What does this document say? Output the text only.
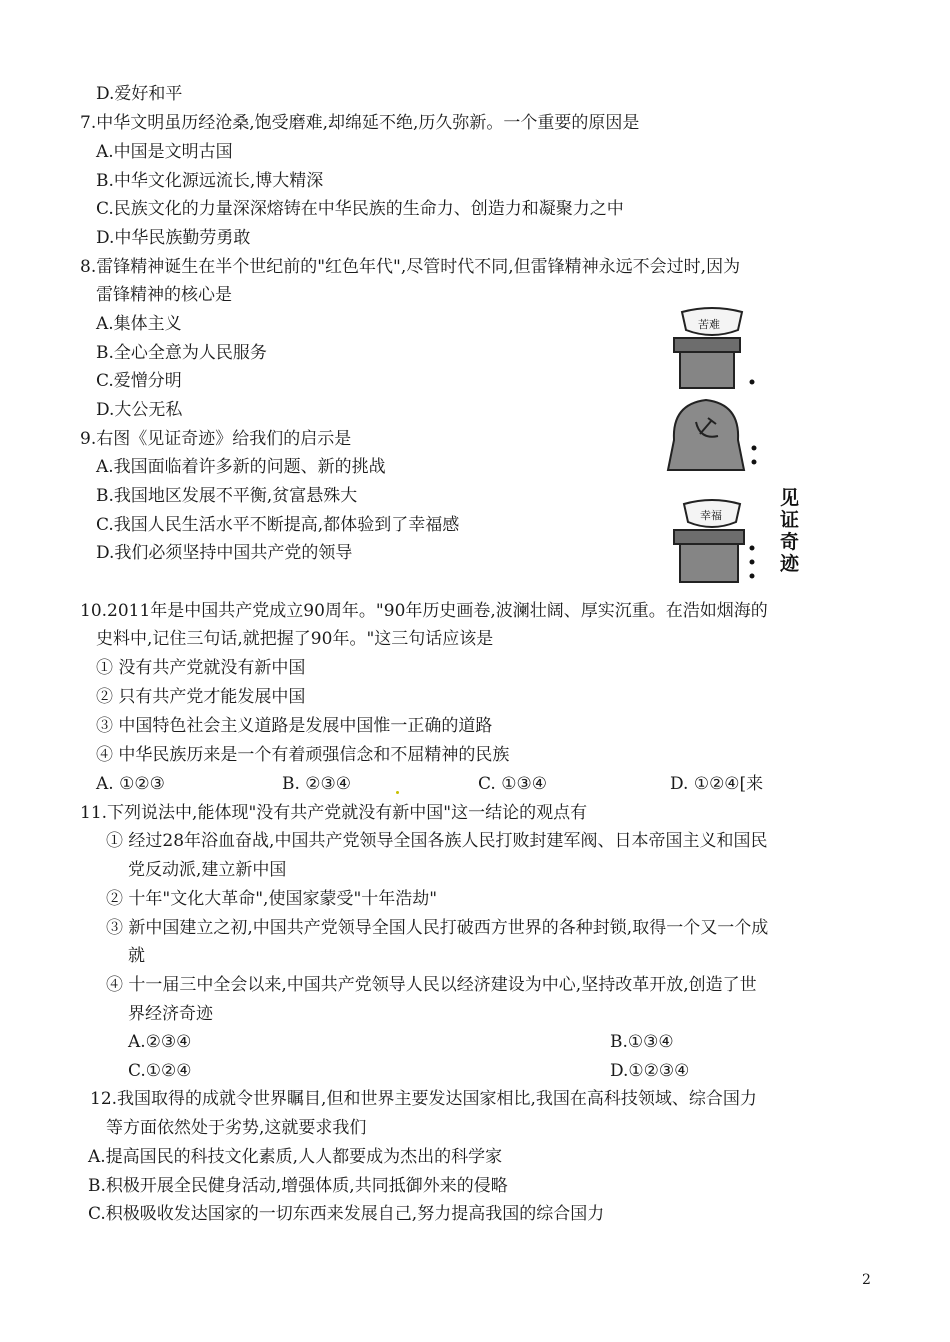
D.爱好和平
7.中华文明虽历经沧桑,饱受磨难,却绵延不绝,历久弥新。一个重要的原因是
A.中国是文明古国
B.中华文化源远流长,博大精深
C.民族文化的力量深深熔铸在中华民族的生命力、创造力和凝聚力之中
D.中华民族勤劳勇敢
8.雷锋精神诞生在半个世纪前的"红色年代",尽管时代不同,但雷锋精神永远不会过时,因为
雷锋精神的核心是
A.集体主义
B.全心全意为人民服务
C.爱憎分明
D.大公无私
9.右图《见证奇迹》给我们的启示是
A.我国面临着许多新的问题、新的挑战
B.我国地区发展不平衡,贫富悬殊大
C.我国人民生活水平不断提高,都体验到了幸福感
D.我们必须坚持中国共产党的领导
苦难
幸福
见
证
奇
迹
10.2011年是中国共产党成立90周年。"90年历史画卷,波澜壮阔、厚实沉重。在浩如烟海的
史料中,记住三句话,就把握了90年。"这三句话应该是
① 没有共产党就没有新中国
② 只有共产党才能发展中国
③ 中国特色社会主义道路是发展中国惟一正确的道路
④ 中华民族历来是一个有着顽强信念和不屈精神的民族
A. ①②③	B. ②③④	C. ①③④	D. ①②④[来
11.下列说法中,能体现"没有共产党就没有新中国"这一结论的观点有
① 经过28年浴血奋战,中国共产党领导全国各族人民打败封建军阀、日本帝国主义和国民
党反动派,建立新中国
② 十年"文化大革命",使国家蒙受"十年浩劫"
③ 新中国建立之初,中国共产党领导全国人民打破西方世界的各种封锁,取得一个又一个成
就
④ 十一届三中全会以来,中国共产党领导人民以经济建设为中心,坚持改革开放,创造了世
界经济奇迹
A.②③④	B.①③④
C.①②④	D.①②③④
12.我国取得的成就令世界瞩目,但和世界主要发达国家相比,我国在高科技领域、综合国力
等方面依然处于劣势,这就要求我们
A.提高国民的科技文化素质,人人都要成为杰出的科学家
B.积极开展全民健身活动,增强体质,共同抵御外来的侵略
C.积极吸收发达国家的一切东西来发展自己,努力提高我国的综合国力
2
